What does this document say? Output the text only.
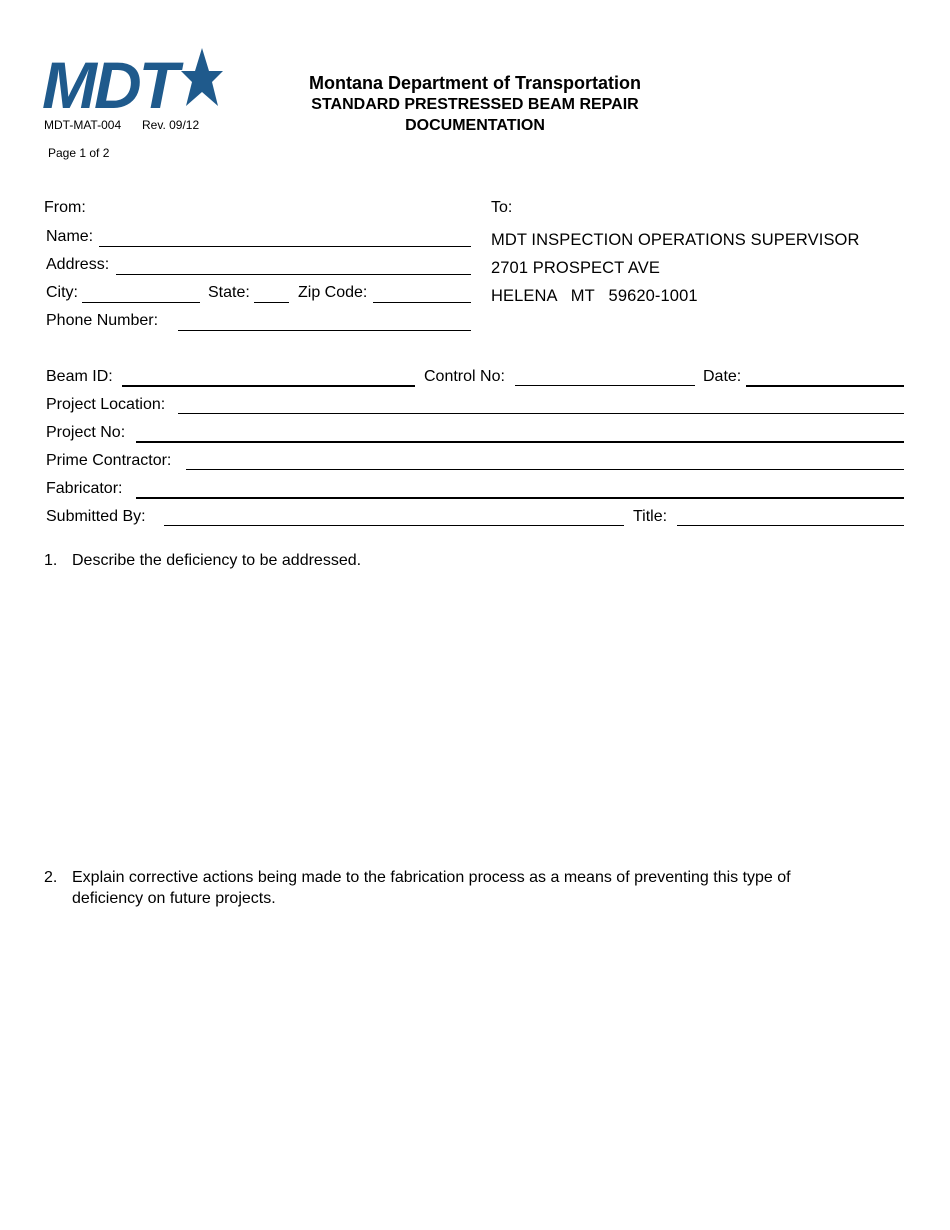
MDT
MDT-MAT-004 Rev. 09/12
Page 1 of 2
Montana Department of Transportation
STANDARD PRESTRESSED BEAM REPAIR
DOCUMENTATION
From:
Name:
Address:
City:	State:	Zip Code:
Phone Number:
To:
MDT INSPECTION OPERATIONS SUPERVISOR
2701 PROSPECT AVE
HELENA   MT   59620-1001
Beam ID:	Control No:	Date:
Project Location:
Project No:
Prime Contractor:
Fabricator:
Submitted By:	Title:
1. Describe the deficiency to be addressed.
2. Explain corrective actions being made to the fabrication process as a means of preventing this type of
deficiency on future projects.
